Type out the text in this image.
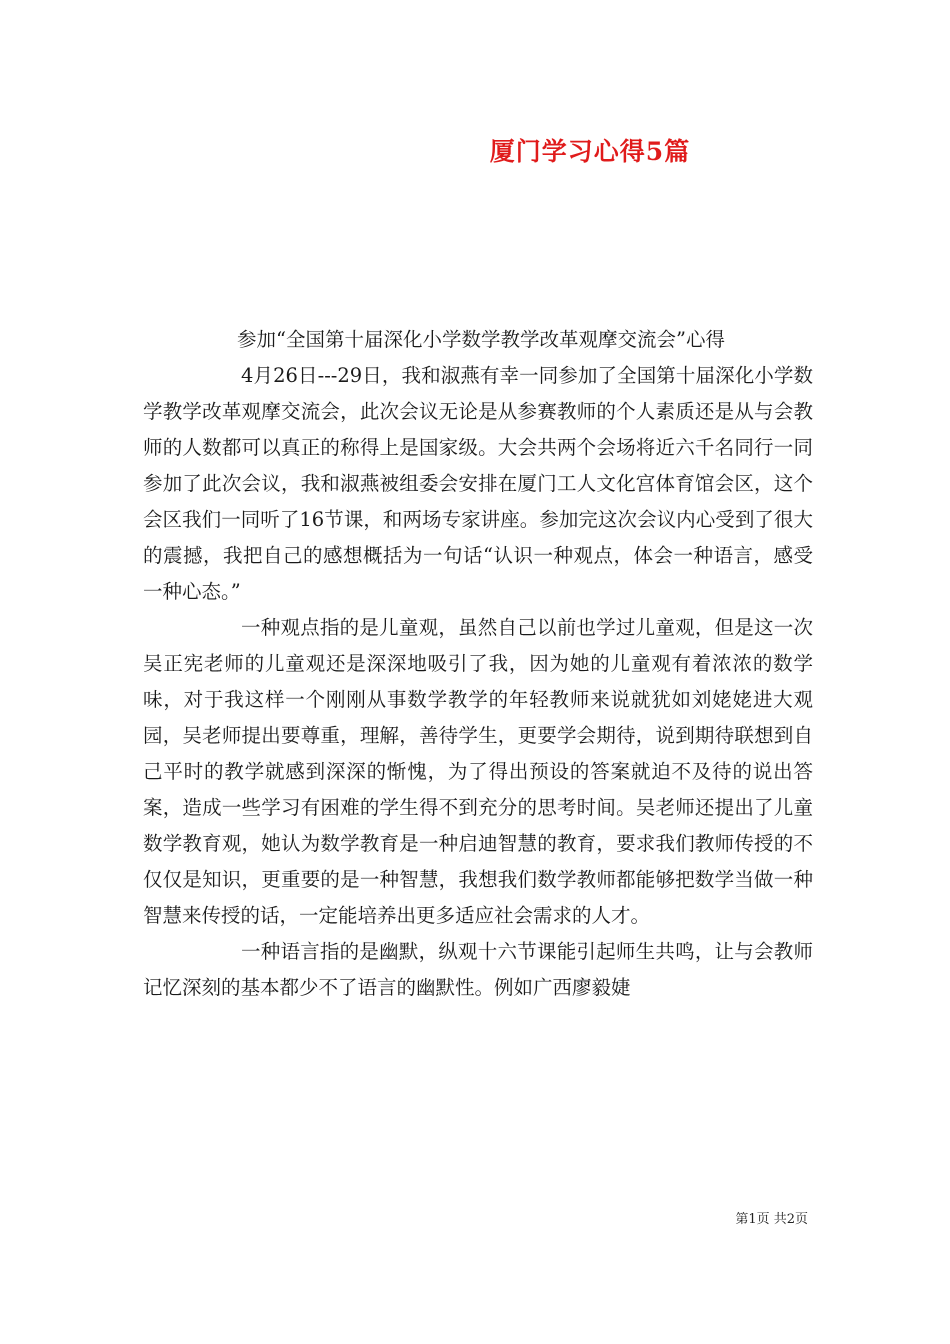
厦门学习心得5篇

参加“全国第十届深化小学数学教学改革观摩交流会”心得

4月26日---29日，我和淑燕有幸一同参加了全国第十届深化小学数学教学改革观摩交流会，此次会议无论是从参赛教师的个人素质还是从与会教师的人数都可以真正的称得上是国家级。大会共两个会场将近六千名同行一同参加了此次会议，我和淑燕被组委会安排在厦门工人文化宫体育馆会区，这个会区我们一同听了16节课，和两场专家讲座。参加完这次会议内心受到了很大的震撼，我把自己的感想概括为一句话“认识一种观点，体会一种语言，感受一种心态。”

一种观点指的是儿童观，虽然自己以前也学过儿童观，但是这一次吴正宪老师的儿童观还是深深地吸引了我，因为她的儿童观有着浓浓的数学味，对于我这样一个刚刚从事数学教学的年轻教师来说就犹如刘姥姥进大观园，吴老师提出要尊重，理解，善待学生，更要学会期待，说到期待联想到自己平时的教学就感到深深的惭愧，为了得出预设的答案就迫不及待的说出答案，造成一些学习有困难的学生得不到充分的思考时间。吴老师还提出了儿童数学教育观，她认为数学教育是一种启迪智慧的教育，要求我们教师传授的不仅仅是知识，更重要的是一种智慧，我想我们数学教师都能够把数学当做一种智慧来传授的话，一定能培养出更多适应社会需求的人才。

一种语言指的是幽默，纵观十六节课能引起师生共鸣，让与会教师记忆深刻的基本都少不了语言的幽默性。例如广西廖毅婕

第1页 共2页
